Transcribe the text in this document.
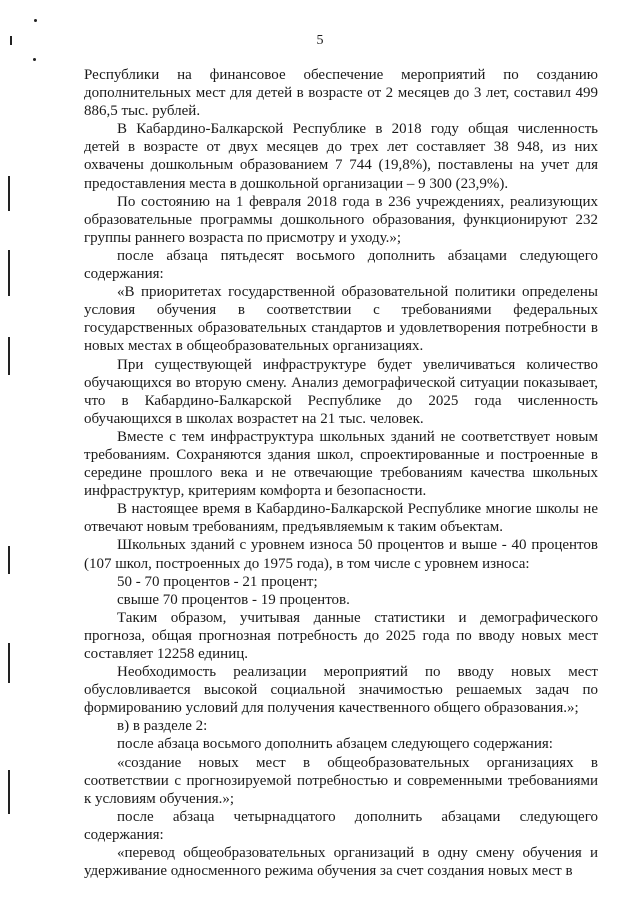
5

Республики на финансовое обеспечение мероприятий по созданию дополнительных мест для детей в возрасте от 2 месяцев до 3 лет, составил 499 886,5 тыс. рублей.

В Кабардино-Балкарской Республике в 2018 году общая численность детей в возрасте от двух месяцев до трех лет составляет 38 948, из них охвачены дошкольным образованием 7 744 (19,8%), поставлены на учет для предоставления места в дошкольной организации – 9 300 (23,9%).

По состоянию на 1 февраля 2018 года в 236 учреждениях, реализующих образовательные программы дошкольного образования, функционируют 232 группы раннего возраста по присмотру и уходу.»;

после абзаца пятьдесят восьмого дополнить абзацами следующего содержания:

«В приоритетах государственной образовательной политики определены условия обучения в соответствии с требованиями федеральных государственных образовательных стандартов и удовлетворения потребности в новых местах в общеобразовательных организациях.

При существующей инфраструктуре будет увеличиваться количество обучающихся во вторую смену. Анализ демографической ситуации показывает, что в Кабардино-Балкарской Республике до 2025 года численность обучающихся в школах возрастет на 21 тыс. человек.

Вместе с тем инфраструктура школьных зданий не соответствует новым требованиям. Сохраняются здания школ, спроектированные и построенные в середине прошлого века и не отвечающие требованиям качества школьных инфраструктур, критериям комфорта и безопасности.

В настоящее время в Кабардино-Балкарской Республике многие школы не отвечают новым требованиям, предъявляемым к таким объектам.

Школьных зданий с уровнем износа 50 процентов и выше - 40 процентов (107 школ, построенных до 1975 года), в том числе с уровнем износа:

50 - 70 процентов - 21 процент;

свыше 70 процентов - 19 процентов.

Таким образом, учитывая данные статистики и демографического прогноза, общая прогнозная потребность до 2025 года по вводу новых мест составляет 12258 единиц.

Необходимость реализации мероприятий по вводу новых мест обусловливается высокой социальной значимостью решаемых задач по формированию условий для получения качественного общего образования.»;

в) в разделе 2:

после абзаца восьмого дополнить абзацем следующего содержания:

«создание новых мест в общеобразовательных организациях в соответствии с прогнозируемой потребностью и современными требованиями к условиям обучения.»;

после абзаца четырнадцатого дополнить абзацами следующего содержания:

«перевод общеобразовательных организаций в одну смену обучения и удерживание односменного режима обучения за счет создания новых мест в
